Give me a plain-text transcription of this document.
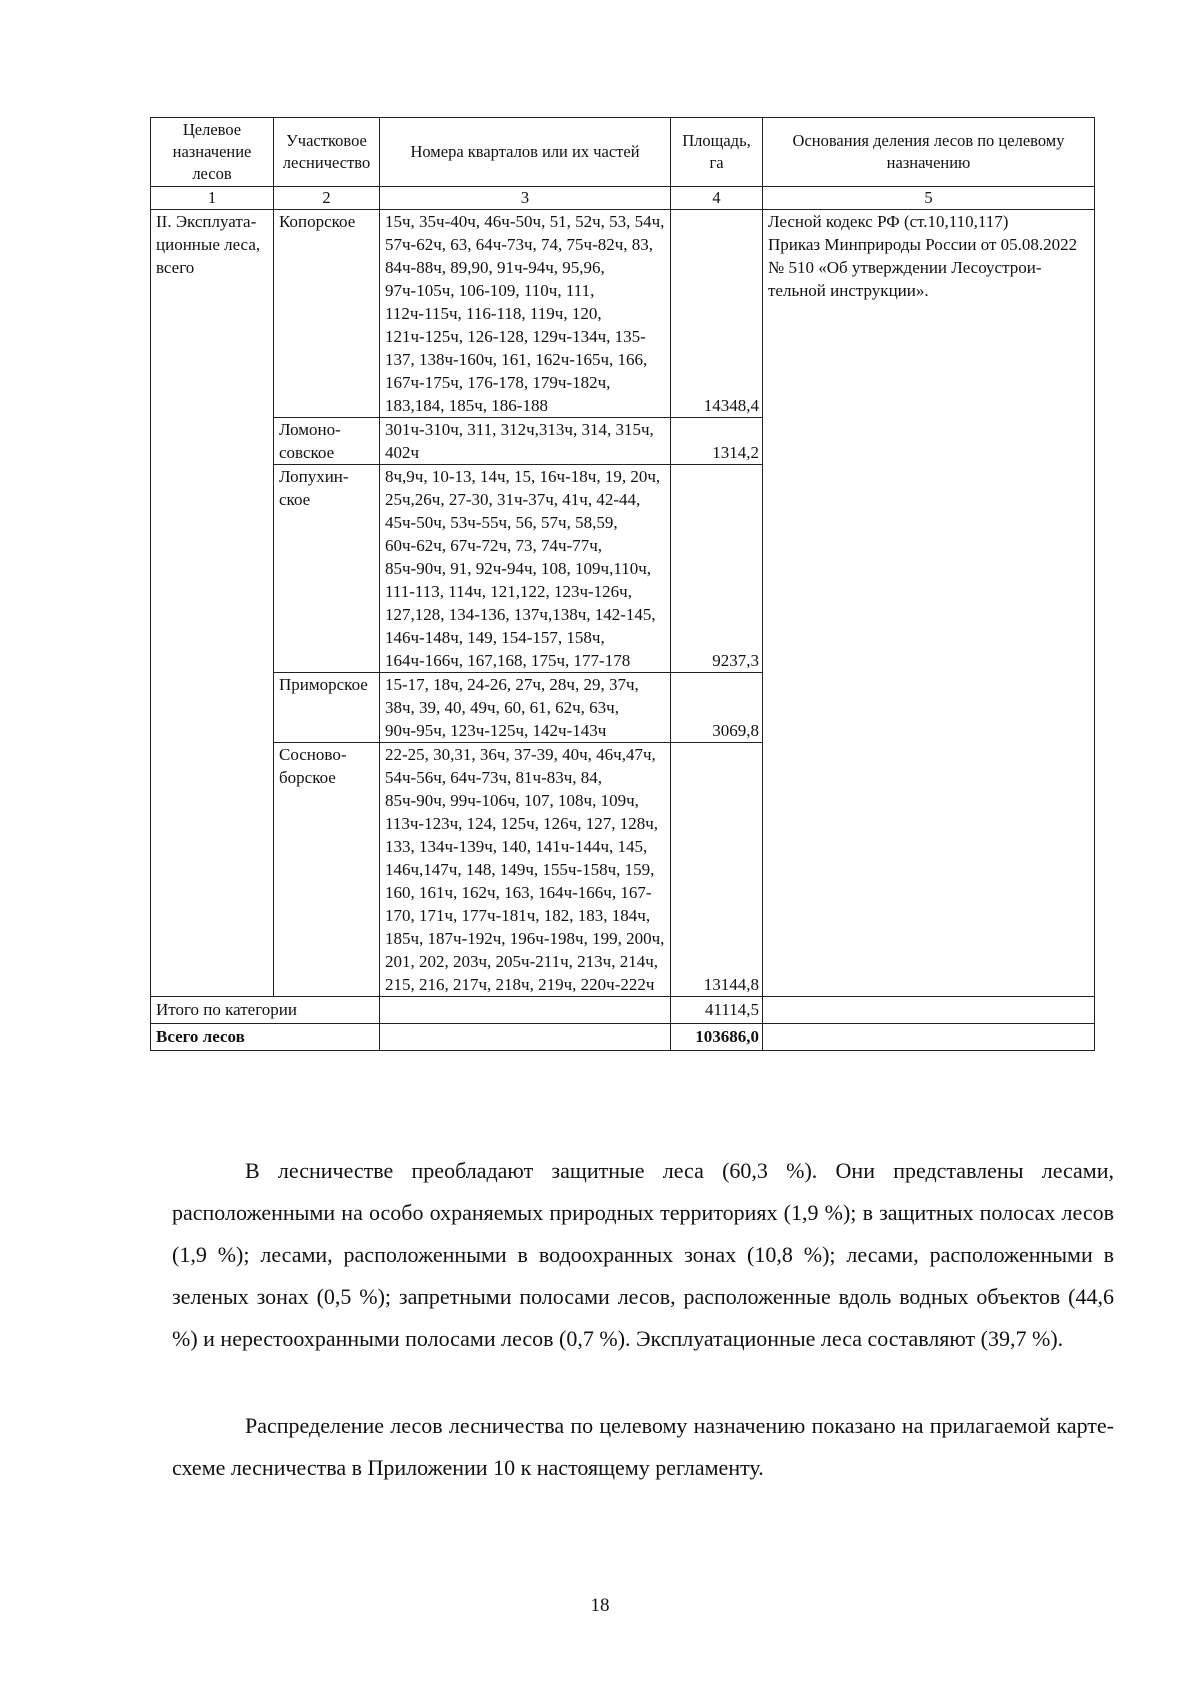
Целевое назначение лесов	Участковое лесничество	Номера кварталов или их частей	Площадь, га	Основания деления лесов по целевому назначению
1	2	3	4	5
II. Эксплуатационные леса, всего	Копорское	15ч, 35ч-40ч, 46ч-50ч, 51, 52ч, 53, 54ч, 57ч-62ч, 63, 64ч-73ч, 74, 75ч-82ч, 83, 84ч-88ч, 89,90, 91ч-94ч, 95,96, 97ч-105ч, 106-109, 110ч, 111, 112ч-115ч, 116-118, 119ч, 120, 121ч-125ч, 126-128, 129ч-134ч, 135-137, 138ч-160ч, 161, 162ч-165ч, 166, 167ч-175ч, 176-178, 179ч-182ч, 183,184, 185ч, 186-188	14348,4	Лесной кодекс РФ (ст.10,110,117)
Приказ Минприроды России от 05.08.2022 № 510 «Об утверждении Лесоустроительной инструкции».
	Ломоносовское	301ч-310ч, 311, 312ч,313ч, 314, 315ч, 402ч	1314,2	
	Лопухинское	8ч,9ч, 10-13, 14ч, 15, 16ч-18ч, 19, 20ч, 25ч,26ч, 27-30, 31ч-37ч, 41ч, 42-44, 45ч-50ч, 53ч-55ч, 56, 57ч, 58,59, 60ч-62ч, 67ч-72ч, 73, 74ч-77ч, 85ч-90ч, 91, 92ч-94ч, 108, 109ч,110ч, 111-113, 114ч, 121,122, 123ч-126ч, 127,128, 134-136, 137ч,138ч, 142-145, 146ч-148ч, 149, 154-157, 158ч, 164ч-166ч, 167,168, 175ч, 177-178	9237,3	
	Приморское	15-17, 18ч, 24-26, 27ч, 28ч, 29, 37ч, 38ч, 39, 40, 49ч, 60, 61, 62ч, 63ч, 90ч-95ч, 123ч-125ч, 142ч-143ч	3069,8	
	Сосновоборское	22-25, 30,31, 36ч, 37-39, 40ч, 46ч,47ч, 54ч-56ч, 64ч-73ч, 81ч-83ч, 84, 85ч-90ч, 99ч-106ч, 107, 108ч, 109ч, 113ч-123ч, 124, 125ч, 126ч, 127, 128ч, 133, 134ч-139ч, 140, 141ч-144ч, 145, 146ч,147ч, 148, 149ч, 155ч-158ч, 159, 160, 161ч, 162ч, 163, 164ч-166ч, 167-170, 171ч, 177ч-181ч, 182, 183, 184ч, 185ч, 187ч-192ч, 196ч-198ч, 199, 200ч, 201, 202, 203ч, 205ч-211ч, 213ч, 214ч, 215, 216, 217ч, 218ч, 219ч, 220ч-222ч	13144,8	
Итого по категории			41114,5	
Всего лесов			103686,0	

В лесничестве преобладают защитные леса (60,3 %). Они представлены лесами, расположенными на особо охраняемых природных территориях (1,9 %); в защитных полосах лесов (1,9 %); лесами, расположенными в водоохранных зонах (10,8 %); лесами, расположенными в зеленых зонах (0,5 %); запретными полосами лесов, расположенные вдоль водных объектов (44,6 %) и нерестоохранными полосами лесов (0,7 %). Эксплуатационные леса составляют (39,7 %).

Распределение лесов лесничества по целевому назначению показано на прилагаемой карте-схеме лесничества в Приложении 10 к настоящему регламенту.

18
